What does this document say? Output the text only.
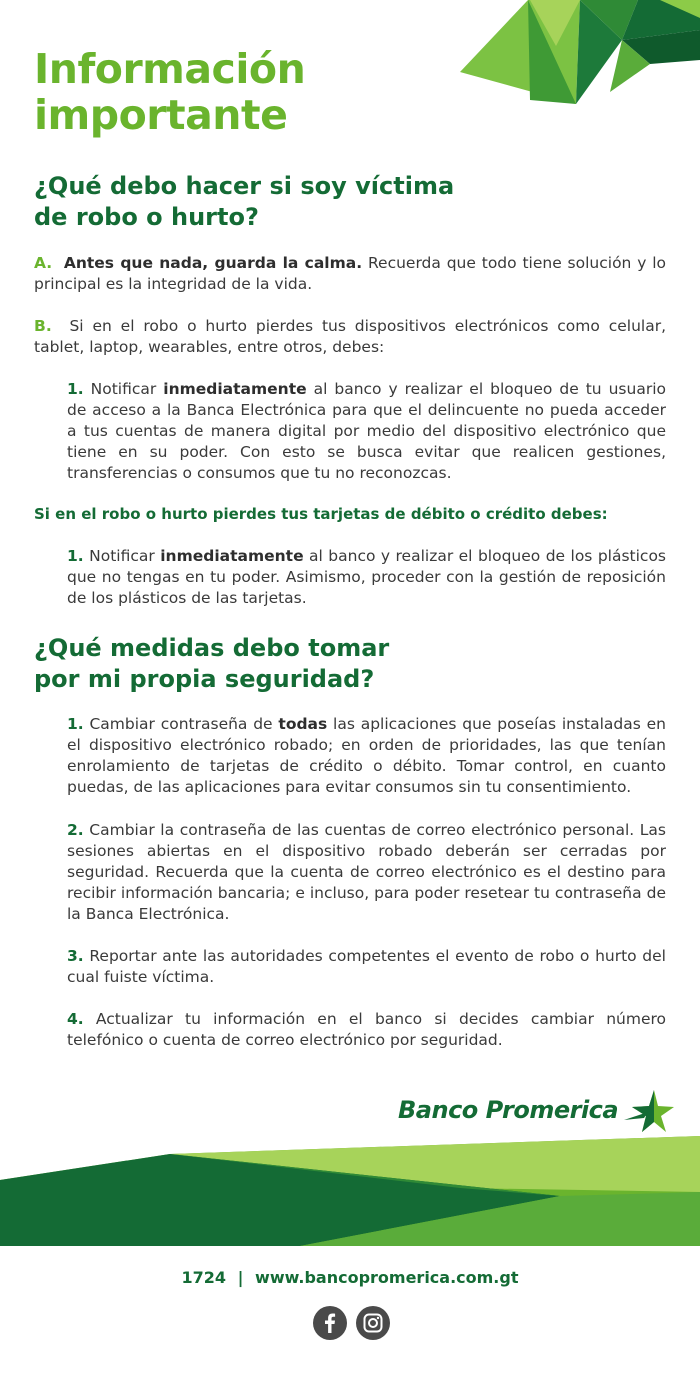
Información
importante
¿Qué debo hacer si soy víctima
de robo o hurto?

A. Antes que nada, guarda la calma. Recuerda que todo tiene solución y lo principal es la integridad de la vida.

B. Si en el robo o hurto pierdes tus dispositivos electrónicos como celular, tablet, laptop, wearables, entre otros, debes:

1. Notificar inmediatamente al banco y realizar el bloqueo de tu usuario de acceso a la Banca Electrónica para que el delincuente no pueda acceder a tus cuentas de manera digital por medio del dispositivo electrónico que tiene en su poder. Con esto se busca evitar que realicen gestiones, transferencias o consumos que tu no reconozcas.

Si en el robo o hurto pierdes tus tarjetas de débito o crédito debes:

1. Notificar inmediatamente al banco y realizar el bloqueo de los plásticos que no tengas en tu poder. Asimismo, proceder con la gestión de reposición de los plásticos de las tarjetas.

¿Qué medidas debo tomar
por mi propia seguridad?

1. Cambiar contraseña de todas las aplicaciones que poseías instaladas en el dispositivo electrónico robado; en orden de prioridades, las que tenían enrolamiento de tarjetas de crédito o débito. Tomar control, en cuanto puedas, de las aplicaciones para evitar consumos sin tu consentimiento.

2. Cambiar la contraseña de las cuentas de correo electrónico personal. Las sesiones abiertas en el dispositivo robado deberán ser cerradas por seguridad. Recuerda que la cuenta de correo electrónico es el destino para recibir información bancaria; e incluso, para poder resetear tu contraseña de la Banca Electrónica.

3. Reportar ante las autoridades competentes el evento de robo o hurto del cual fuiste víctima.

4. Actualizar tu información en el banco si decides cambiar número telefónico o cuenta de correo electrónico por seguridad.

Banco Promerica
1724 | www.bancopromerica.com.gt
